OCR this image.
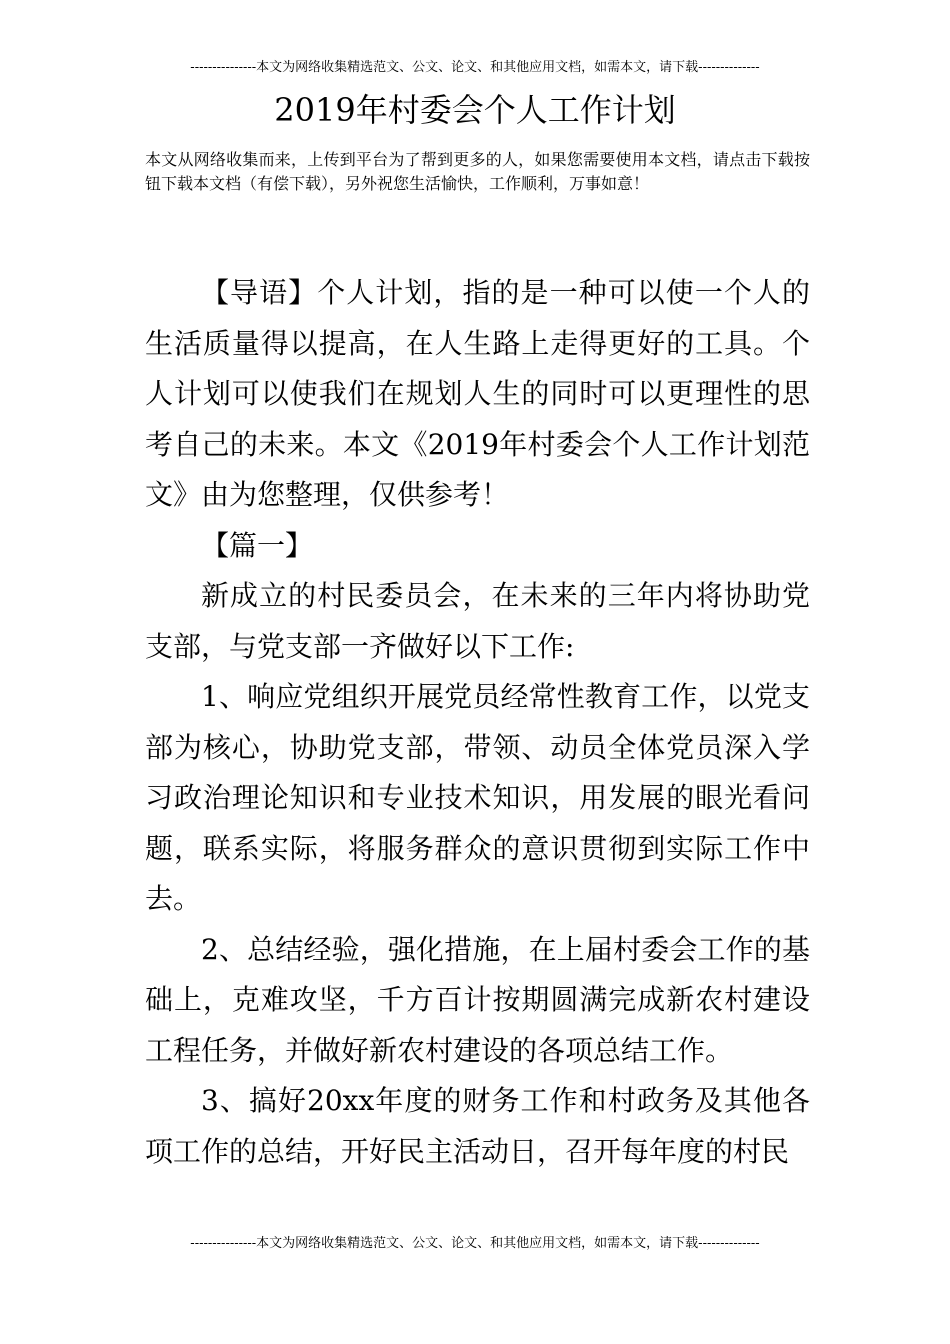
---------------本文为网络收集精选范文、公文、论文、和其他应用文档，如需本文，请下载--------------
2019年村委会个人工作计划

本文从网络收集而来，上传到平台为了帮到更多的人，如果您需要使用本文档，请点击下载按钮下载本文档（有偿下载），另外祝您生活愉快，工作顺利，万事如意！

【导语】个人计划，指的是一种可以使一个人的生活质量得以提高，在人生路上走得更好的工具。个人计划可以使我们在规划人生的同时可以更理性的思考自己的未来。本文《2019年村委会个人工作计划范文》由为您整理，仅供参考！

【篇一】

新成立的村民委员会，在未来的三年内将协助党支部，与党支部一齐做好以下工作:

1、响应党组织开展党员经常性教育工作，以党支部为核心，协助党支部，带领、动员全体党员深入学习政治理论知识和专业技术知识，用发展的眼光看问题，联系实际，将服务群众的意识贯彻到实际工作中去。

2、总结经验，强化措施，在上届村委会工作的基础上，克难攻坚，千方百计按期圆满完成新农村建设工程任务，并做好新农村建设的各项总结工作。

3、搞好20xx年度的财务工作和村政务及其他各项工作的总结，开好民主活动日，召开每年度的村民

---------------本文为网络收集精选范文、公文、论文、和其他应用文档，如需本文，请下载--------------
